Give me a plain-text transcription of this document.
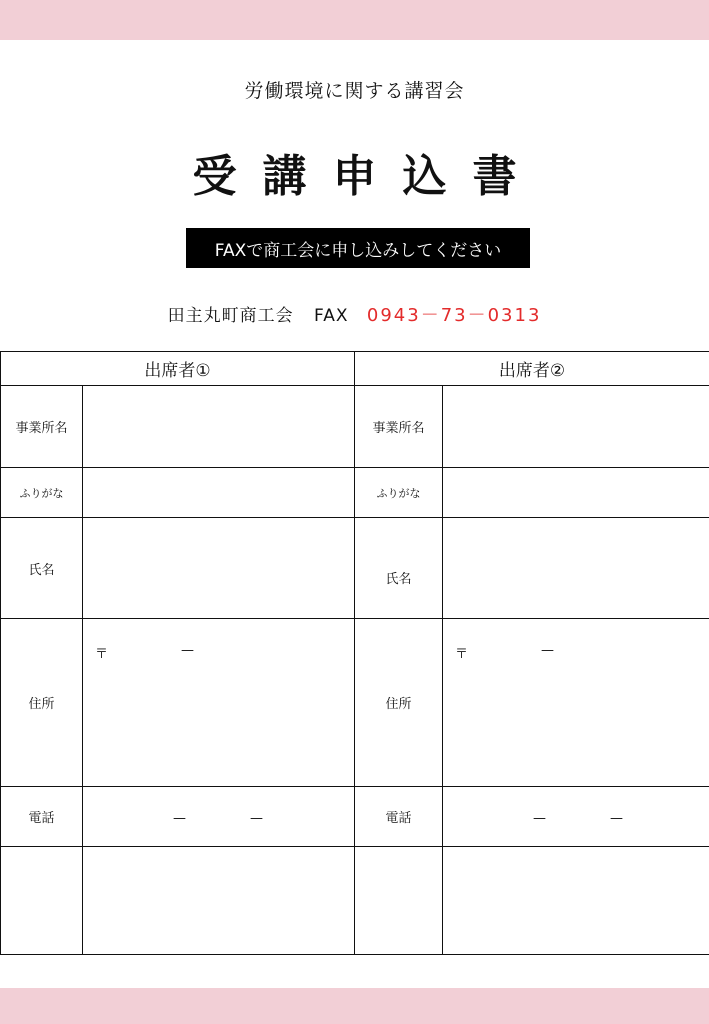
労働環境に関する講習会
受講申込書
FAXで商工会に申し込みしてください
田主丸町商工会 FAX 0943－73－0313
出席者①		出席者②	
事業所名		事業所名	
ふりがな		ふりがな	
氏名		氏名	

住所	〒 —	住所	〒 —

電話	— —	電話	— —
